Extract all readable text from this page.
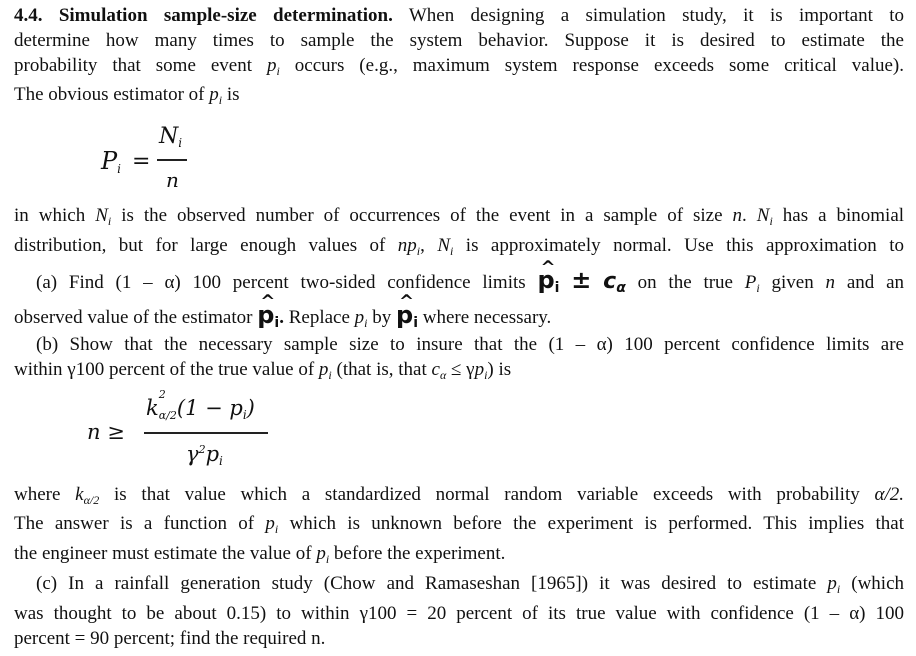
4.4. Simulation sample-size determination. When designing a simulation study, it is important to
determine how many times to sample the system behavior. Suppose it is desired to estimate the
probability that some event $p_i$ occurs (e.g., maximum system response exceeds some critical value).
The obvious estimator of $p_i$ is
$P_i$ =
$N_i$
n
in which $N_i$ is the observed number of occurrences of the event in a sample of size n. $N_i$ has a binomial
distribution, but for large enough values of $np_i$, $N_i$ is approximately normal. Use this approximation to
(a) Find (1 – α) 100 percent two-sided confidence limits ^ $p_i \pm c_\alpha$ on the true $P_i$ given n and an
observed value of the estimator ^ $p_i$. Replace $p_i$ by ^ $p_i$ where necessary.
(b) Show that the necessary sample size to insure that the (1 – α) 100 percent confidence limits are
within γ100 percent of the true value of $p_i$ (that is, that $c_\alpha \le \gamma p_i$) is
n ≥
k
2
$_{\alpha/2}(1 - p_i)$
$\gamma^2p_i$
where $k_{\alpha/2}$ is that value which a standardized normal random variable exceeds with probability α/2.
The answer is a function of $p_i$ which is unknown before the experiment is performed. This implies that
the engineer must estimate the value of $p_i$ before the experiment.
(c) In a rainfall generation study (Chow and Ramaseshan [1965]) it was desired to estimate $p_i$ (which
was thought to be about 0.15) to within γ100 = 20 percent of its true value with confidence (1 – α) 100
percent = 90 percent; find the required n.
